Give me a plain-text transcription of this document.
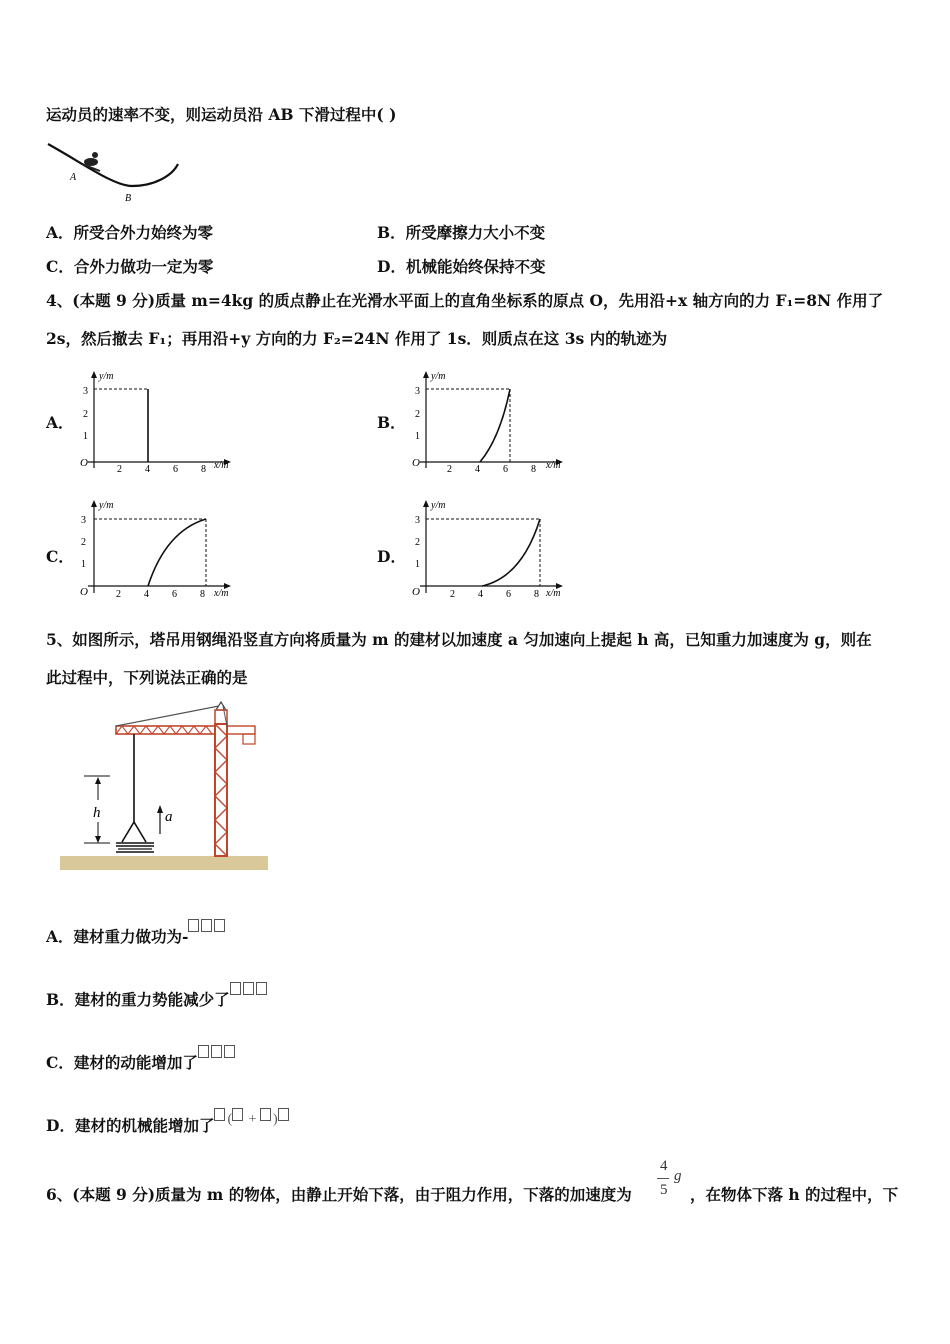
运动员的速率不变，则运动员沿 AB 下滑过程中( )
A
B
A．所受合外力始终为零	B．所受摩擦力大小不变
C．合外力做功一定为零	D．机械能始终保持不变
4、(本题 9 分)质量 m=4kg 的质点静止在光滑水平面上的直角坐标系的原点 O，先用沿+x 轴方向的力 F₁=8N 作用了
2s，然后撤去 F₁；再用沿+y 方向的力 F₂=24N 作用了 1s．则质点在这 3s 内的轨迹为
A．
y/m
x/m
O
1
2
3
2 4 6 8
B．
y/m
x/m
O
1
2
3
2 4 6 8
C．
y/m
x/m
O
1
2
3
2 4 6 8
D．
y/m
x/m
O
1
2
3
2 4 6 8
5、如图所示，塔吊用钢绳沿竖直方向将质量为 m 的建材以加速度 a 匀加速向上提起 h 高，已知重力加速度为 g，则在
此过程中，下列说法正确的是
h	a
A．建材重力做功为-
B．建材的重力势能减少了
C．建材的动能增加了
D．建材的机械能增加了 ( + )
6、(本题 9 分)质量为 m 的物体，由静止开始下落，由于阻力作用，下落的加速度为
4
5
g
，在物体下落 h 的过程中，下
